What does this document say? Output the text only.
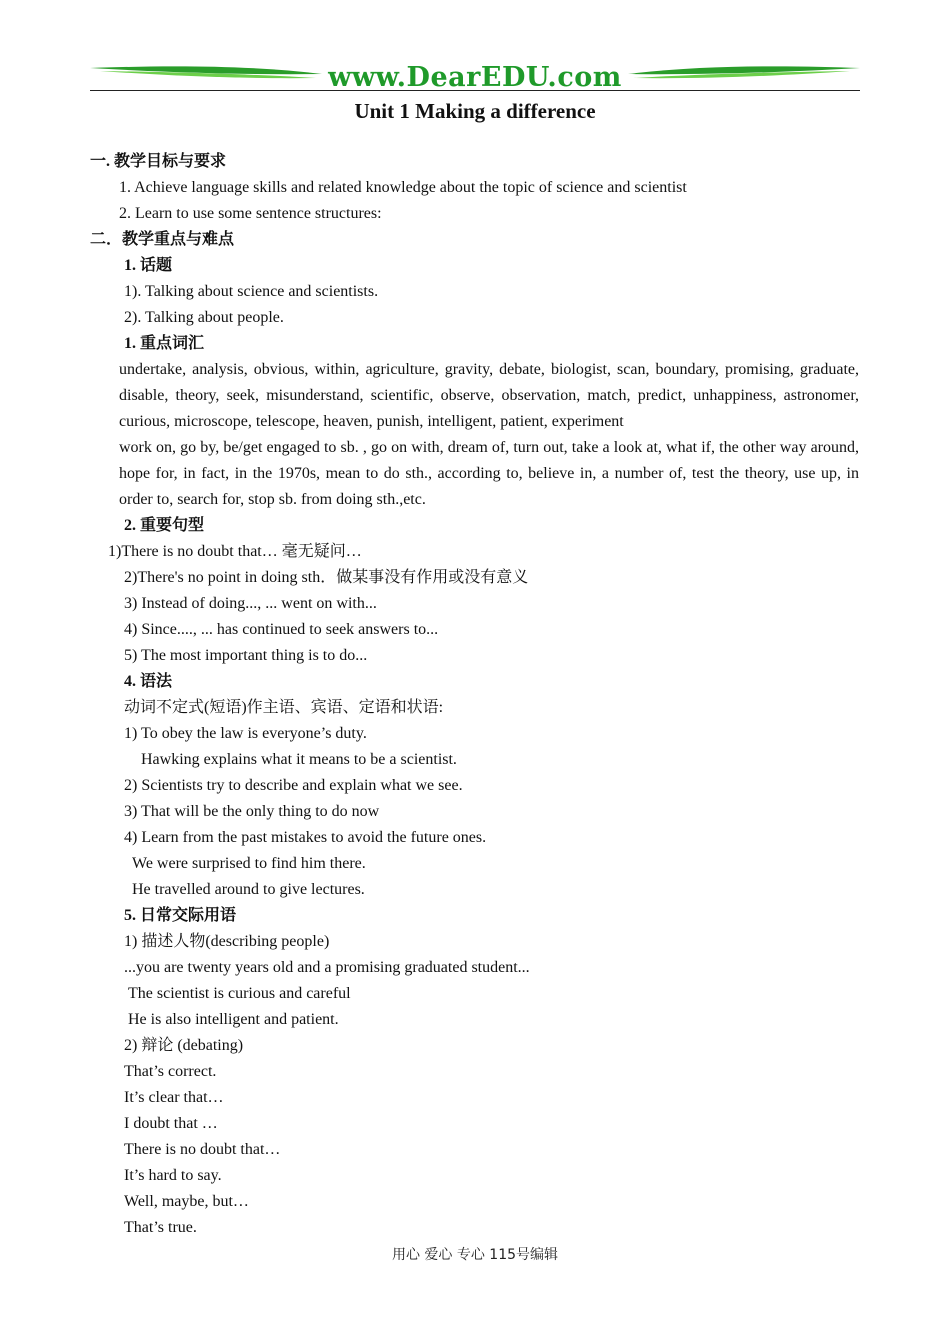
www.DearEDU.com
Unit 1 Making a difference
一. 教学目标与要求
1. Achieve language skills and related knowledge about the topic of science and scientist
2. Learn to use some sentence structures:
二．教学重点与难点
1. 话题
1). Talking about science and scientists.
2). Talking about people.
1. 重点词汇
undertake, analysis, obvious, within, agriculture, gravity, debate, biologist, scan, boundary, promising, graduate, disable, theory, seek, misunderstand, scientific, observe, observation, match, predict, unhappiness, astronomer, curious, microscope, telescope, heaven, punish, intelligent, patient, experiment
work on, go by, be/get engaged to sb. , go on with, dream of, turn out, take a look at, what if, the other way around, hope for, in fact, in the 1970s, mean to do sth., according to, believe in, a number of, test the theory, use up, in order to, search for, stop sb. from doing sth.,etc.
2. 重要句型
1)There is no doubt that… 毫无疑问…
2)There's no point in doing sth．做某事没有作用或没有意义
3) Instead of doing..., ... went on with...
4) Since...., ... has continued to seek answers to...
5) The most important thing is to do...
4. 语法
动词不定式(短语)作主语、宾语、定语和状语:
1) To obey the law is everyone’s duty.
Hawking explains what it means to be a scientist.
2) Scientists try to describe and explain what we see.
3) That will be the only thing to do now
4) Learn from the past mistakes to avoid the future ones.
We were surprised to find him there.
He travelled around to give lectures.
5. 日常交际用语
1) 描述人物(describing people)
...you are twenty years old and a promising graduated student...
The scientist is curious and careful
He is also intelligent and patient.
2) 辩论 (debating)
That’s correct.
It’s clear that…
I doubt that …
There is no doubt that…
It’s hard to say.
Well, maybe, but…
That’s true.
用心 爱心 专心 115号编辑
